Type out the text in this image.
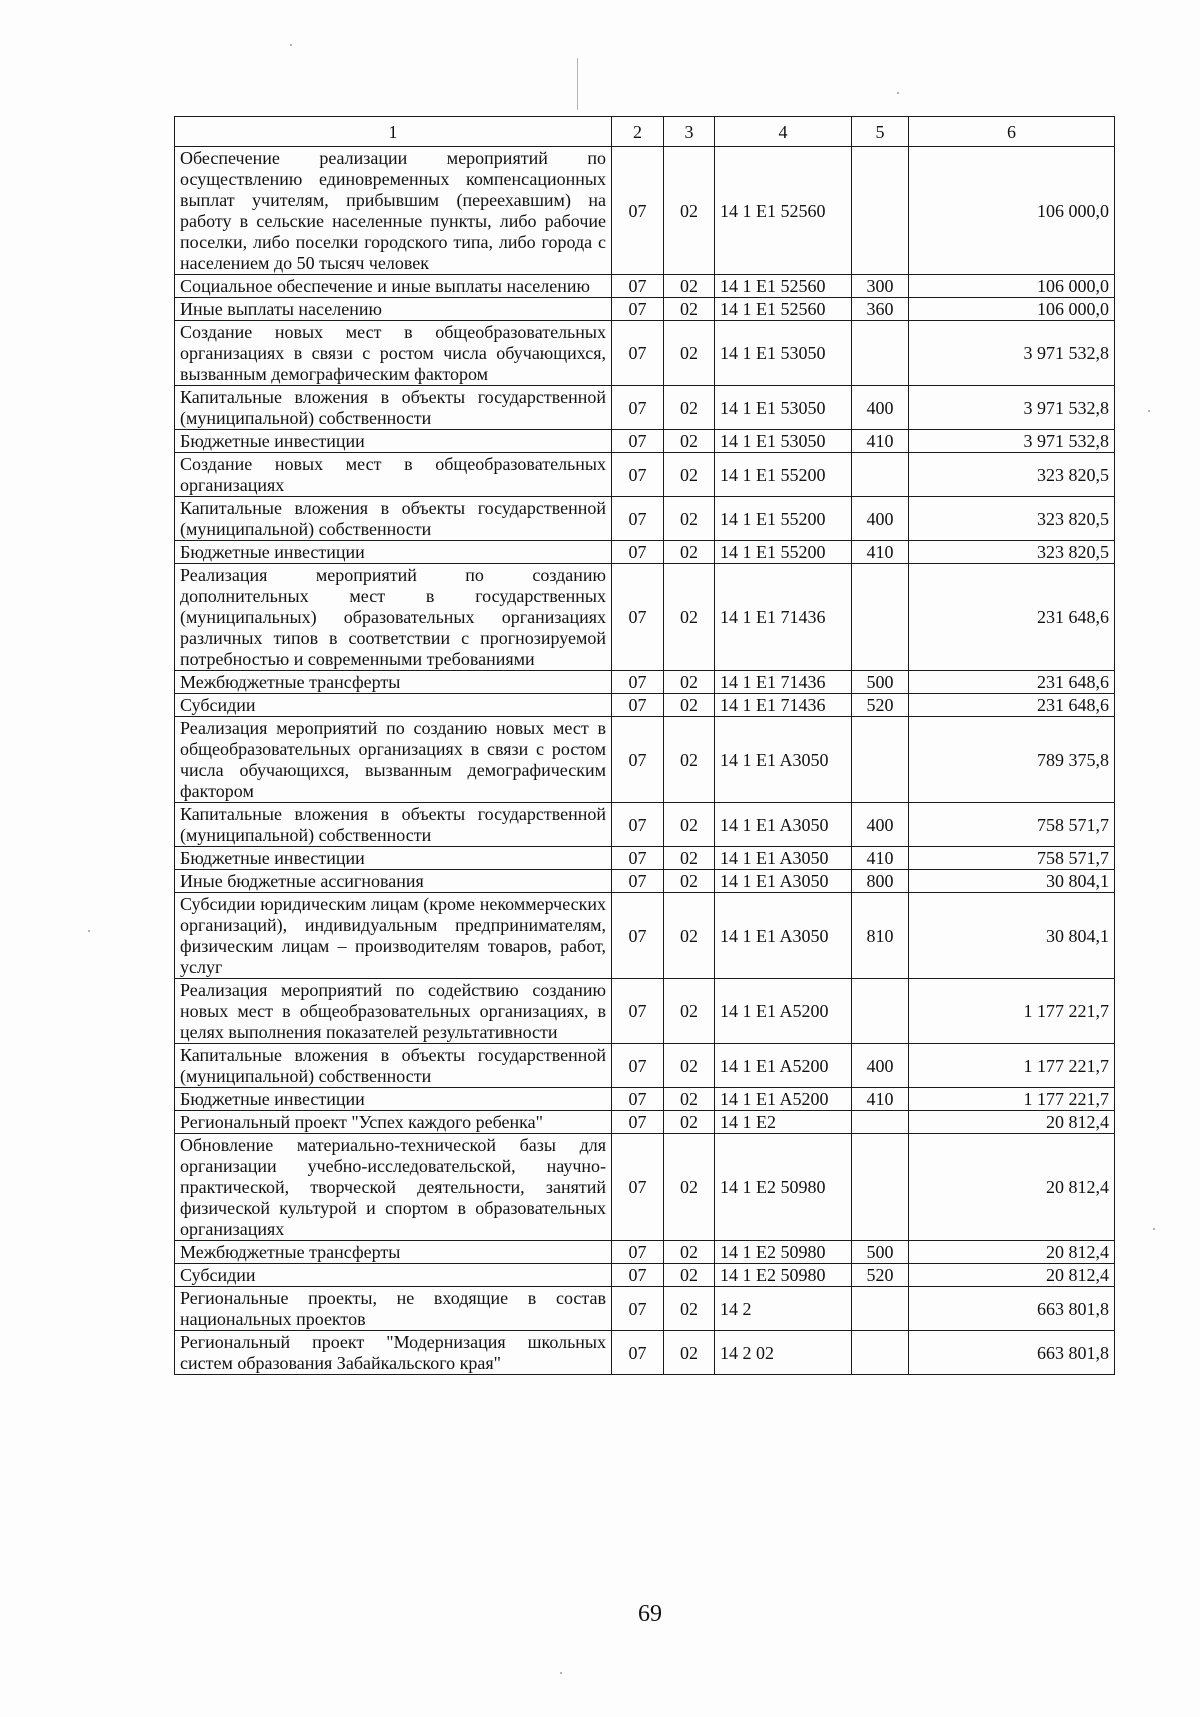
1	2	3	4	5	6
Обеспечение реализации мероприятий по осуществлению единовременных компенсационных выплат учителям, прибывшим (переехавшим) на работу в сельские населенные пункты, либо рабочие поселки, либо поселки городского типа, либо города с населением до 50 тысяч человек	07	02	14 1 E1 52560		106 000,0
Социальное обеспечение и иные выплаты населению	07	02	14 1 E1 52560	300	106 000,0
Иные выплаты населению	07	02	14 1 E1 52560	360	106 000,0
Создание новых мест в общеобразовательных организациях в связи с ростом числа обучающихся, вызванным демографическим фактором	07	02	14 1 E1 53050		3 971 532,8
Капитальные вложения в объекты государственной (муниципальной) собственности	07	02	14 1 E1 53050	400	3 971 532,8
Бюджетные инвестиции	07	02	14 1 E1 53050	410	3 971 532,8
Создание новых мест в общеобразовательных организациях	07	02	14 1 E1 55200		323 820,5
Капитальные вложения в объекты государственной (муниципальной) собственности	07	02	14 1 E1 55200	400	323 820,5
Бюджетные инвестиции	07	02	14 1 E1 55200	410	323 820,5
Реализация мероприятий по созданию дополнительных мест в государственных (муниципальных) образовательных организациях различных типов в соответствии с прогнозируемой потребностью и современными требованиями	07	02	14 1 E1 71436		231 648,6
Межбюджетные трансферты	07	02	14 1 E1 71436	500	231 648,6
Субсидии	07	02	14 1 E1 71436	520	231 648,6
Реализация мероприятий по созданию новых мест в общеобразовательных организациях в связи с ростом числа обучающихся, вызванным демографическим фактором	07	02	14 1 E1 A3050		789 375,8
Капитальные вложения в объекты государственной (муниципальной) собственности	07	02	14 1 E1 A3050	400	758 571,7
Бюджетные инвестиции	07	02	14 1 E1 A3050	410	758 571,7
Иные бюджетные ассигнования	07	02	14 1 E1 A3050	800	30 804,1
Субсидии юридическим лицам (кроме некоммерческих организаций), индивидуальным предпринимателям, физическим лицам – производителям товаров, работ, услуг	07	02	14 1 E1 A3050	810	30 804,1
Реализация мероприятий по содействию созданию новых мест в общеобразовательных организациях, в целях выполнения показателей результативности	07	02	14 1 E1 A5200		1 177 221,7
Капитальные вложения в объекты государственной (муниципальной) собственности	07	02	14 1 E1 A5200	400	1 177 221,7
Бюджетные инвестиции	07	02	14 1 E1 A5200	410	1 177 221,7
Региональный проект "Успех каждого ребенка"	07	02	14 1 E2		20 812,4
Обновление материально-технической базы для организации учебно-исследовательской, научно-практической, творческой деятельности, занятий физической культурой и спортом в образовательных организациях	07	02	14 1 E2 50980		20 812,4
Межбюджетные трансферты	07	02	14 1 E2 50980	500	20 812,4
Субсидии	07	02	14 1 E2 50980	520	20 812,4
Региональные проекты, не входящие в состав национальных проектов	07	02	14 2		663 801,8
Региональный проект "Модернизация школьных систем образования Забайкальского края"	07	02	14 2 02		663 801,8
69
